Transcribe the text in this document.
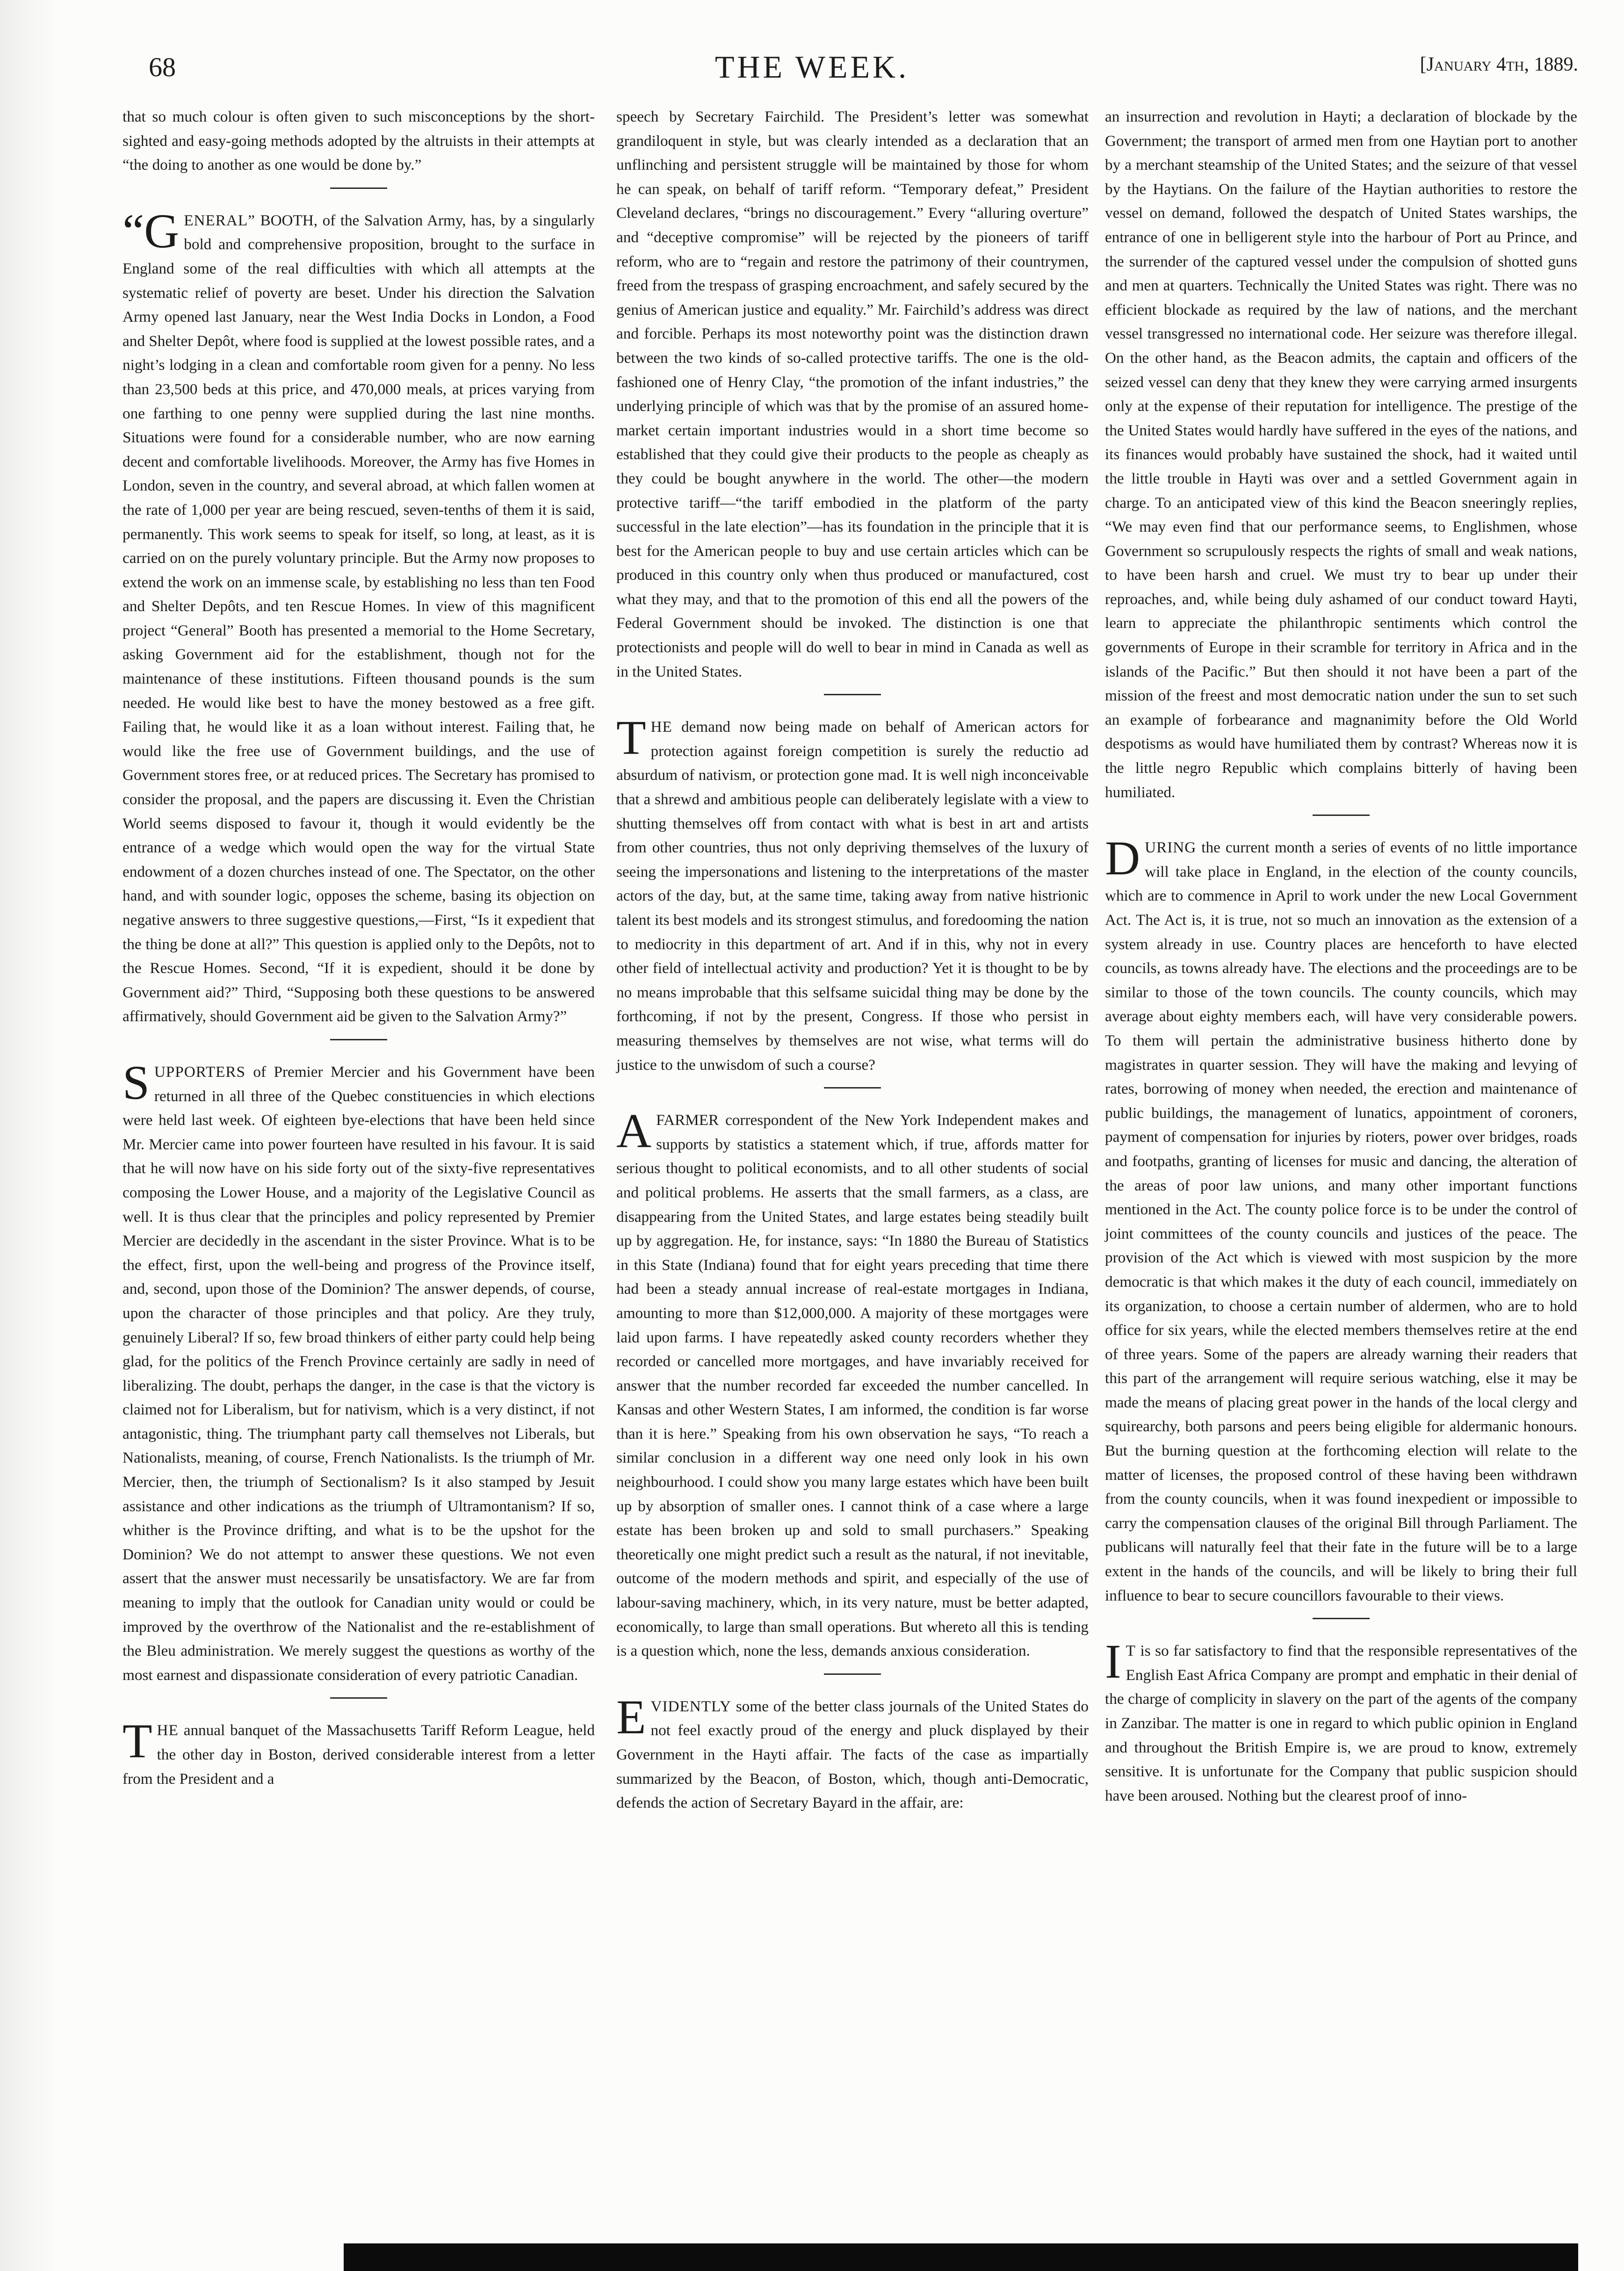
68	THE WEEK.	[January 4th, 1889.

that so much colour is often given to such misconceptions by the short-sighted and easy-going methods adopted by the altruists in their attempts at “the doing to another as one would be done by.”

“GENERAL” BOOTH, of the Salvation Army, has, by a singularly bold and comprehensive proposition, brought to the surface in England some of the real difficulties with which all attempts at the systematic relief of poverty are beset. Under his direction the Salvation Army opened last January, near the West India Docks in London, a Food and Shelter Depôt, where food is supplied at the lowest possible rates, and a night’s lodging in a clean and comfortable room given for a penny. No less than 23,500 beds at this price, and 470,000 meals, at prices varying from one farthing to one penny were supplied during the last nine months. Situations were found for a considerable number, who are now earning decent and comfortable livelihoods. Moreover, the Army has five Homes in London, seven in the country, and several abroad, at which fallen women at the rate of 1,000 per year are being rescued, seven-tenths of them it is said, permanently. This work seems to speak for itself, so long, at least, as it is carried on on the purely voluntary principle. But the Army now proposes to extend the work on an immense scale, by establishing no less than ten Food and Shelter Depôts, and ten Rescue Homes. In view of this magnificent project “General” Booth has presented a memorial to the Home Secretary, asking Government aid for the establishment, though not for the maintenance of these institutions. Fifteen thousand pounds is the sum needed. He would like best to have the money bestowed as a free gift. Failing that, he would like it as a loan without interest. Failing that, he would like the free use of Government buildings, and the use of Government stores free, or at reduced prices. The Secretary has promised to consider the proposal, and the papers are discussing it. Even the Christian World seems disposed to favour it, though it would evidently be the entrance of a wedge which would open the way for the virtual State endowment of a dozen churches instead of one. The Spectator, on the other hand, and with sounder logic, opposes the scheme, basing its objection on negative answers to three suggestive questions,—First, “Is it expedient that the thing be done at all?” This question is applied only to the Depôts, not to the Rescue Homes. Second, “If it is expedient, should it be done by Government aid?” Third, “Supposing both these questions to be answered affirmatively, should Government aid be given to the Salvation Army?”

SUPPORTERS of Premier Mercier and his Government have been returned in all three of the Quebec constituencies in which elections were held last week. Of eighteen bye-elections that have been held since Mr. Mercier came into power fourteen have resulted in his favour. It is said that he will now have on his side forty out of the sixty-five representatives composing the Lower House, and a majority of the Legislative Council as well. It is thus clear that the principles and policy represented by Premier Mercier are decidedly in the ascendant in the sister Province. What is to be the effect, first, upon the well-being and progress of the Province itself, and, second, upon those of the Dominion? The answer depends, of course, upon the character of those principles and that policy. Are they truly, genuinely Liberal? If so, few broad thinkers of either party could help being glad, for the politics of the French Province certainly are sadly in need of liberalizing. The doubt, perhaps the danger, in the case is that the victory is claimed not for Liberalism, but for nativism, which is a very distinct, if not antagonistic, thing. The triumphant party call themselves not Liberals, but Nationalists, meaning, of course, French Nationalists. Is the triumph of Mr. Mercier, then, the triumph of Sectionalism? Is it also stamped by Jesuit assistance and other indications as the triumph of Ultramontanism? If so, whither is the Province drifting, and what is to be the upshot for the Dominion? We do not attempt to answer these questions. We not even assert that the answer must necessarily be unsatisfactory. We are far from meaning to imply that the outlook for Canadian unity would or could be improved by the overthrow of the Nationalist and the re-establishment of the Bleu administration. We merely suggest the questions as worthy of the most earnest and dispassionate consideration of every patriotic Canadian.

THE annual banquet of the Massachusetts Tariff Reform League, held the other day in Boston, derived considerable interest from a letter from the President and a

speech by Secretary Fairchild. The President’s letter was somewhat grandiloquent in style, but was clearly intended as a declaration that an unflinching and persistent struggle will be maintained by those for whom he can speak, on behalf of tariff reform. “Temporary defeat,” President Cleveland declares, “brings no discouragement.” Every “alluring overture” and “deceptive compromise” will be rejected by the pioneers of tariff reform, who are to “regain and restore the patrimony of their countrymen, freed from the trespass of grasping encroachment, and safely secured by the genius of American justice and equality.” Mr. Fairchild’s address was direct and forcible. Perhaps its most noteworthy point was the distinction drawn between the two kinds of so-called protective tariffs. The one is the old-fashioned one of Henry Clay, “the promotion of the infant industries,” the underlying principle of which was that by the promise of an assured home-market certain important industries would in a short time become so established that they could give their products to the people as cheaply as they could be bought anywhere in the world. The other—the modern protective tariff—“the tariff embodied in the platform of the party successful in the late election”—has its foundation in the principle that it is best for the American people to buy and use certain articles which can be produced in this country only when thus produced or manufactured, cost what they may, and that to the promotion of this end all the powers of the Federal Government should be invoked. The distinction is one that protectionists and people will do well to bear in mind in Canada as well as in the United States.

THE demand now being made on behalf of American actors for protection against foreign competition is surely the reductio ad absurdum of nativism, or protection gone mad. It is well nigh inconceivable that a shrewd and ambitious people can deliberately legislate with a view to shutting themselves off from contact with what is best in art and artists from other countries, thus not only depriving themselves of the luxury of seeing the impersonations and listening to the interpretations of the master actors of the day, but, at the same time, taking away from native histrionic talent its best models and its strongest stimulus, and foredooming the nation to mediocrity in this department of art. And if in this, why not in every other field of intellectual activity and production? Yet it is thought to be by no means improbable that this selfsame suicidal thing may be done by the forthcoming, if not by the present, Congress. If those who persist in measuring themselves by themselves are not wise, what terms will do justice to the unwisdom of such a course?

A FARMER correspondent of the New York Independent makes and supports by statistics a statement which, if true, affords matter for serious thought to political economists, and to all other students of social and political problems. He asserts that the small farmers, as a class, are disappearing from the United States, and large estates being steadily built up by aggregation. He, for instance, says: “In 1880 the Bureau of Statistics in this State (Indiana) found that for eight years preceding that time there had been a steady annual increase of real-estate mortgages in Indiana, amounting to more than $12,000,000. A majority of these mortgages were laid upon farms. I have repeatedly asked county recorders whether they recorded or cancelled more mortgages, and have invariably received for answer that the number recorded far exceeded the number cancelled. In Kansas and other Western States, I am informed, the condition is far worse than it is here.” Speaking from his own observation he says, “To reach a similar conclusion in a different way one need only look in his own neighbourhood. I could show you many large estates which have been built up by absorption of smaller ones. I cannot think of a case where a large estate has been broken up and sold to small purchasers.” Speaking theoretically one might predict such a result as the natural, if not inevitable, outcome of the modern methods and spirit, and especially of the use of labour-saving machinery, which, in its very nature, must be better adapted, economically, to large than small operations. But whereto all this is tending is a question which, none the less, demands anxious consideration.

EVIDENTLY some of the better class journals of the United States do not feel exactly proud of the energy and pluck displayed by their Government in the Hayti affair. The facts of the case as impartially summarized by the Beacon, of Boston, which, though anti-Democratic, defends the action of Secretary Bayard in the affair, are:

an insurrection and revolution in Hayti; a declaration of blockade by the Government; the transport of armed men from one Haytian port to another by a merchant steamship of the United States; and the seizure of that vessel by the Haytians. On the failure of the Haytian authorities to restore the vessel on demand, followed the despatch of United States warships, the entrance of one in belligerent style into the harbour of Port au Prince, and the surrender of the captured vessel under the compulsion of shotted guns and men at quarters. Technically the United States was right. There was no efficient blockade as required by the law of nations, and the merchant vessel transgressed no international code. Her seizure was therefore illegal. On the other hand, as the Beacon admits, the captain and officers of the seized vessel can deny that they knew they were carrying armed insurgents only at the expense of their reputation for intelligence. The prestige of the the United States would hardly have suffered in the eyes of the nations, and its finances would probably have sustained the shock, had it waited until the little trouble in Hayti was over and a settled Government again in charge. To an anticipated view of this kind the Beacon sneeringly replies, “We may even find that our performance seems, to Englishmen, whose Government so scrupulously respects the rights of small and weak nations, to have been harsh and cruel. We must try to bear up under their reproaches, and, while being duly ashamed of our conduct toward Hayti, learn to appreciate the philanthropic sentiments which control the governments of Europe in their scramble for territory in Africa and in the islands of the Pacific.” But then should it not have been a part of the mission of the freest and most democratic nation under the sun to set such an example of forbearance and magnanimity before the Old World despotisms as would have humiliated them by contrast? Whereas now it is the little negro Republic which complains bitterly of having been humiliated.

DURING the current month a series of events of no little importance will take place in England, in the election of the county councils, which are to commence in April to work under the new Local Government Act. The Act is, it is true, not so much an innovation as the extension of a system already in use. Country places are henceforth to have elected councils, as towns already have. The elections and the proceedings are to be similar to those of the town councils. The county councils, which may average about eighty members each, will have very considerable powers. To them will pertain the administrative business hitherto done by magistrates in quarter session. They will have the making and levying of rates, borrowing of money when needed, the erection and maintenance of public buildings, the management of lunatics, appointment of coroners, payment of compensation for injuries by rioters, power over bridges, roads and footpaths, granting of licenses for music and dancing, the alteration of the areas of poor law unions, and many other important functions mentioned in the Act. The county police force is to be under the control of joint committees of the county councils and justices of the peace. The provision of the Act which is viewed with most suspicion by the more democratic is that which makes it the duty of each council, immediately on its organization, to choose a certain number of aldermen, who are to hold office for six years, while the elected members themselves retire at the end of three years. Some of the papers are already warning their readers that this part of the arrangement will require serious watching, else it may be made the means of placing great power in the hands of the local clergy and squirearchy, both parsons and peers being eligible for aldermanic honours. But the burning question at the forthcoming election will relate to the matter of licenses, the proposed control of these having been withdrawn from the county councils, when it was found inexpedient or impossible to carry the compensation clauses of the original Bill through Parliament. The publicans will naturally feel that their fate in the future will be to a large extent in the hands of the councils, and will be likely to bring their full influence to bear to secure councillors favourable to their views.

I T is so far satisfactory to find that the responsible representatives of the English East Africa Company are prompt and emphatic in their denial of the charge of complicity in slavery on the part of the agents of the company in Zanzibar. The matter is one in regard to which public opinion in England and throughout the British Empire is, we are proud to know, extremely sensitive. It is unfortunate for the Company that public suspicion should have been aroused. Nothing but the clearest proof of inno-
